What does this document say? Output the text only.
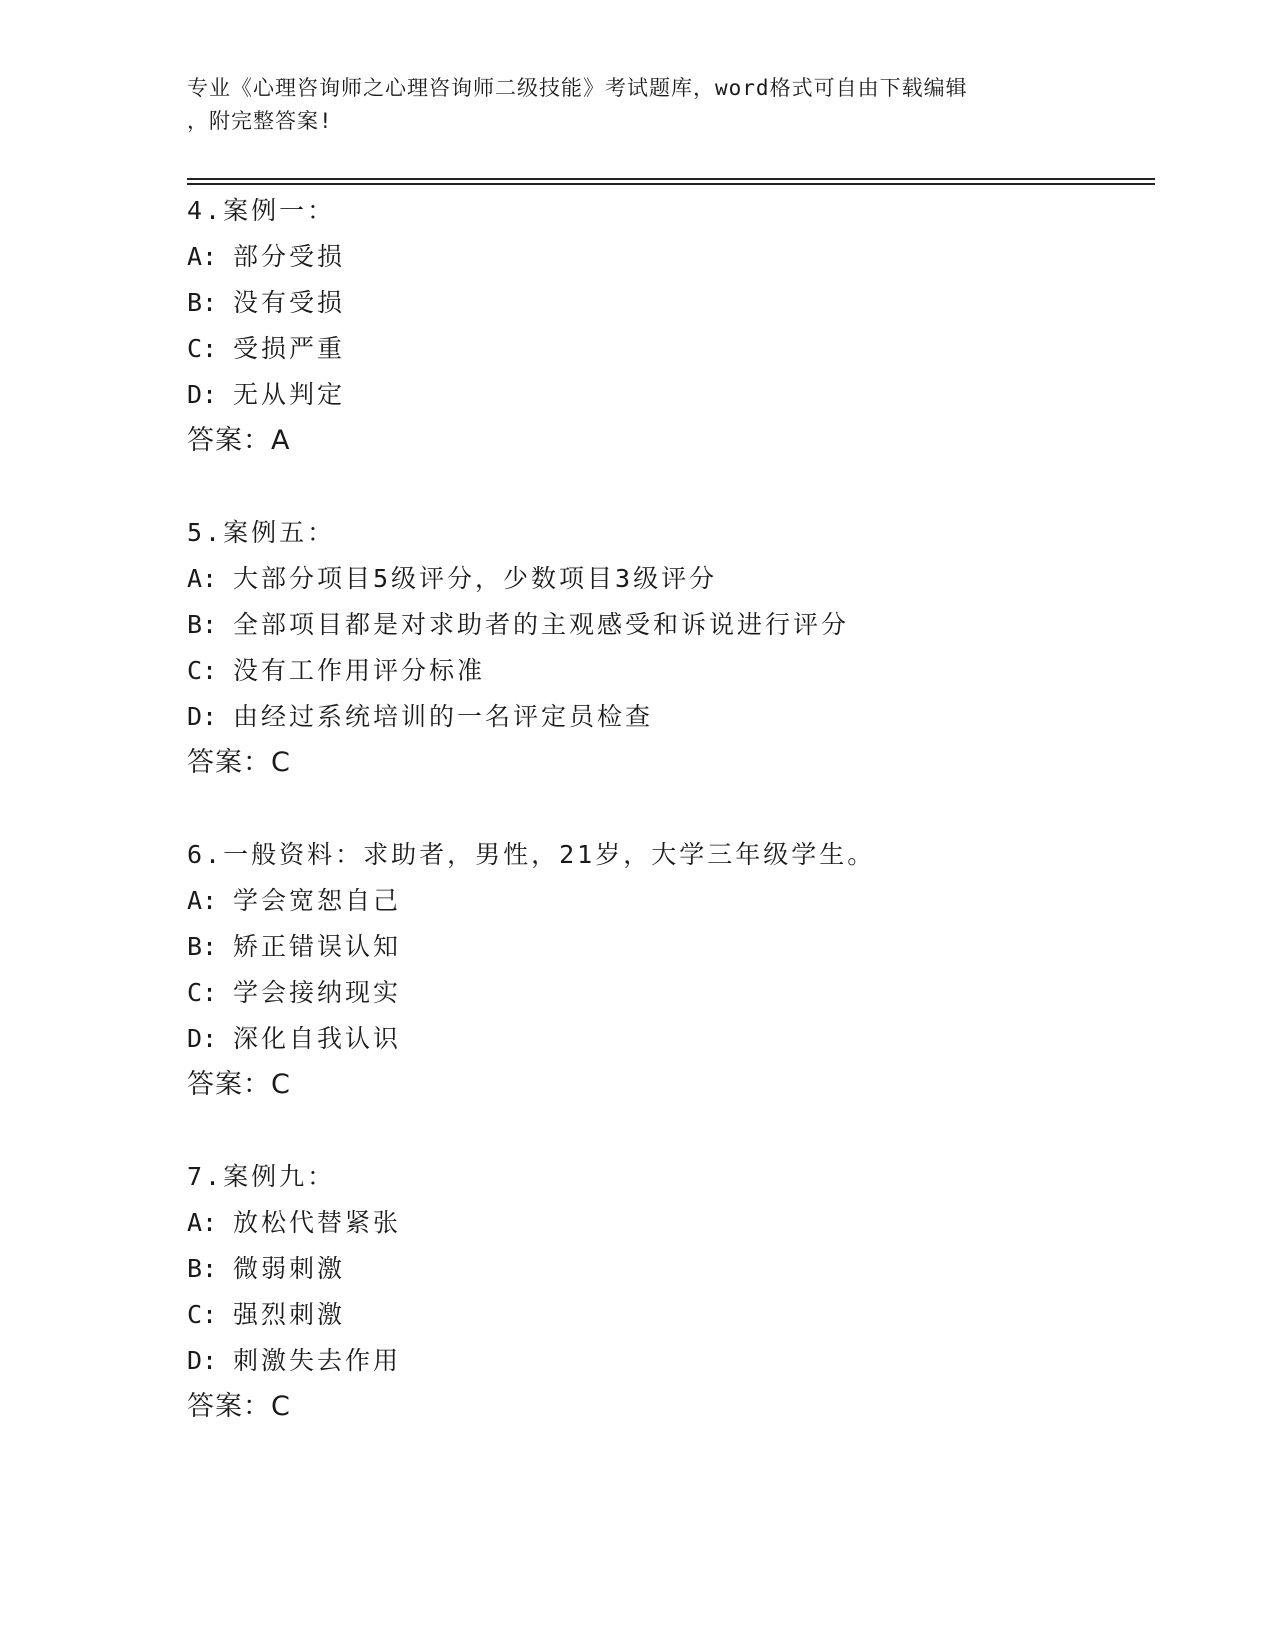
专业《心理咨询师之心理咨询师二级技能》考试题库，word格式可自由下载编辑
，附完整答案!
4.案例一：
A: 部分受损
B: 没有受损
C: 受损严重
D: 无从判定
答案：A
5.案例五：
A: 大部分项目5级评分，少数项目3级评分
B: 全部项目都是对求助者的主观感受和诉说进行评分
C: 没有工作用评分标准
D: 由经过系统培训的一名评定员检查
答案：C
6.一般资料：求助者，男性，21岁，大学三年级学生。
A: 学会宽恕自己
B: 矫正错误认知
C: 学会接纳现实
D: 深化自我认识
答案：C
7.案例九：
A: 放松代替紧张
B: 微弱刺激
C: 强烈刺激
D: 刺激失去作用
答案：C
